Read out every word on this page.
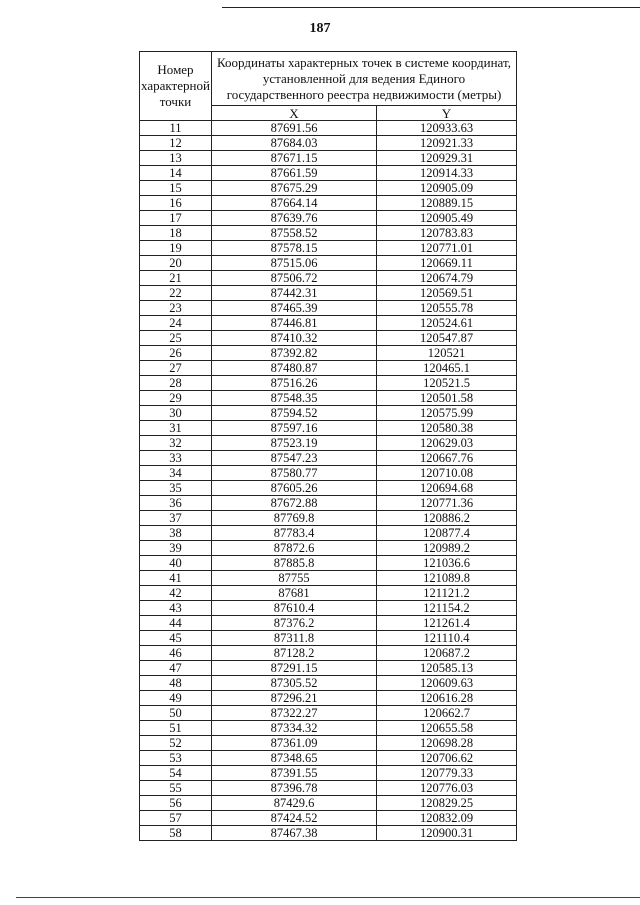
187
Номер характерной точки	Координаты характерных точек в системе координат, установленной для ведения Единого государственного реестра недвижимости (метры)	
	X	Y
11	87691.56	120933.63
12	87684.03	120921.33
13	87671.15	120929.31
14	87661.59	120914.33
15	87675.29	120905.09
16	87664.14	120889.15
17	87639.76	120905.49
18	87558.52	120783.83
19	87578.15	120771.01
20	87515.06	120669.11
21	87506.72	120674.79
22	87442.31	120569.51
23	87465.39	120555.78
24	87446.81	120524.61
25	87410.32	120547.87
26	87392.82	120521
27	87480.87	120465.1
28	87516.26	120521.5
29	87548.35	120501.58
30	87594.52	120575.99
31	87597.16	120580.38
32	87523.19	120629.03
33	87547.23	120667.76
34	87580.77	120710.08
35	87605.26	120694.68
36	87672.88	120771.36
37	87769.8	120886.2
38	87783.4	120877.4
39	87872.6	120989.2
40	87885.8	121036.6
41	87755	121089.8
42	87681	121121.2
43	87610.4	121154.2
44	87376.2	121261.4
45	87311.8	121110.4
46	87128.2	120687.2
47	87291.15	120585.13
48	87305.52	120609.63
49	87296.21	120616.28
50	87322.27	120662.7
51	87334.32	120655.58
52	87361.09	120698.28
53	87348.65	120706.62
54	87391.55	120779.33
55	87396.78	120776.03
56	87429.6	120829.25
57	87424.52	120832.09
58	87467.38	120900.31
